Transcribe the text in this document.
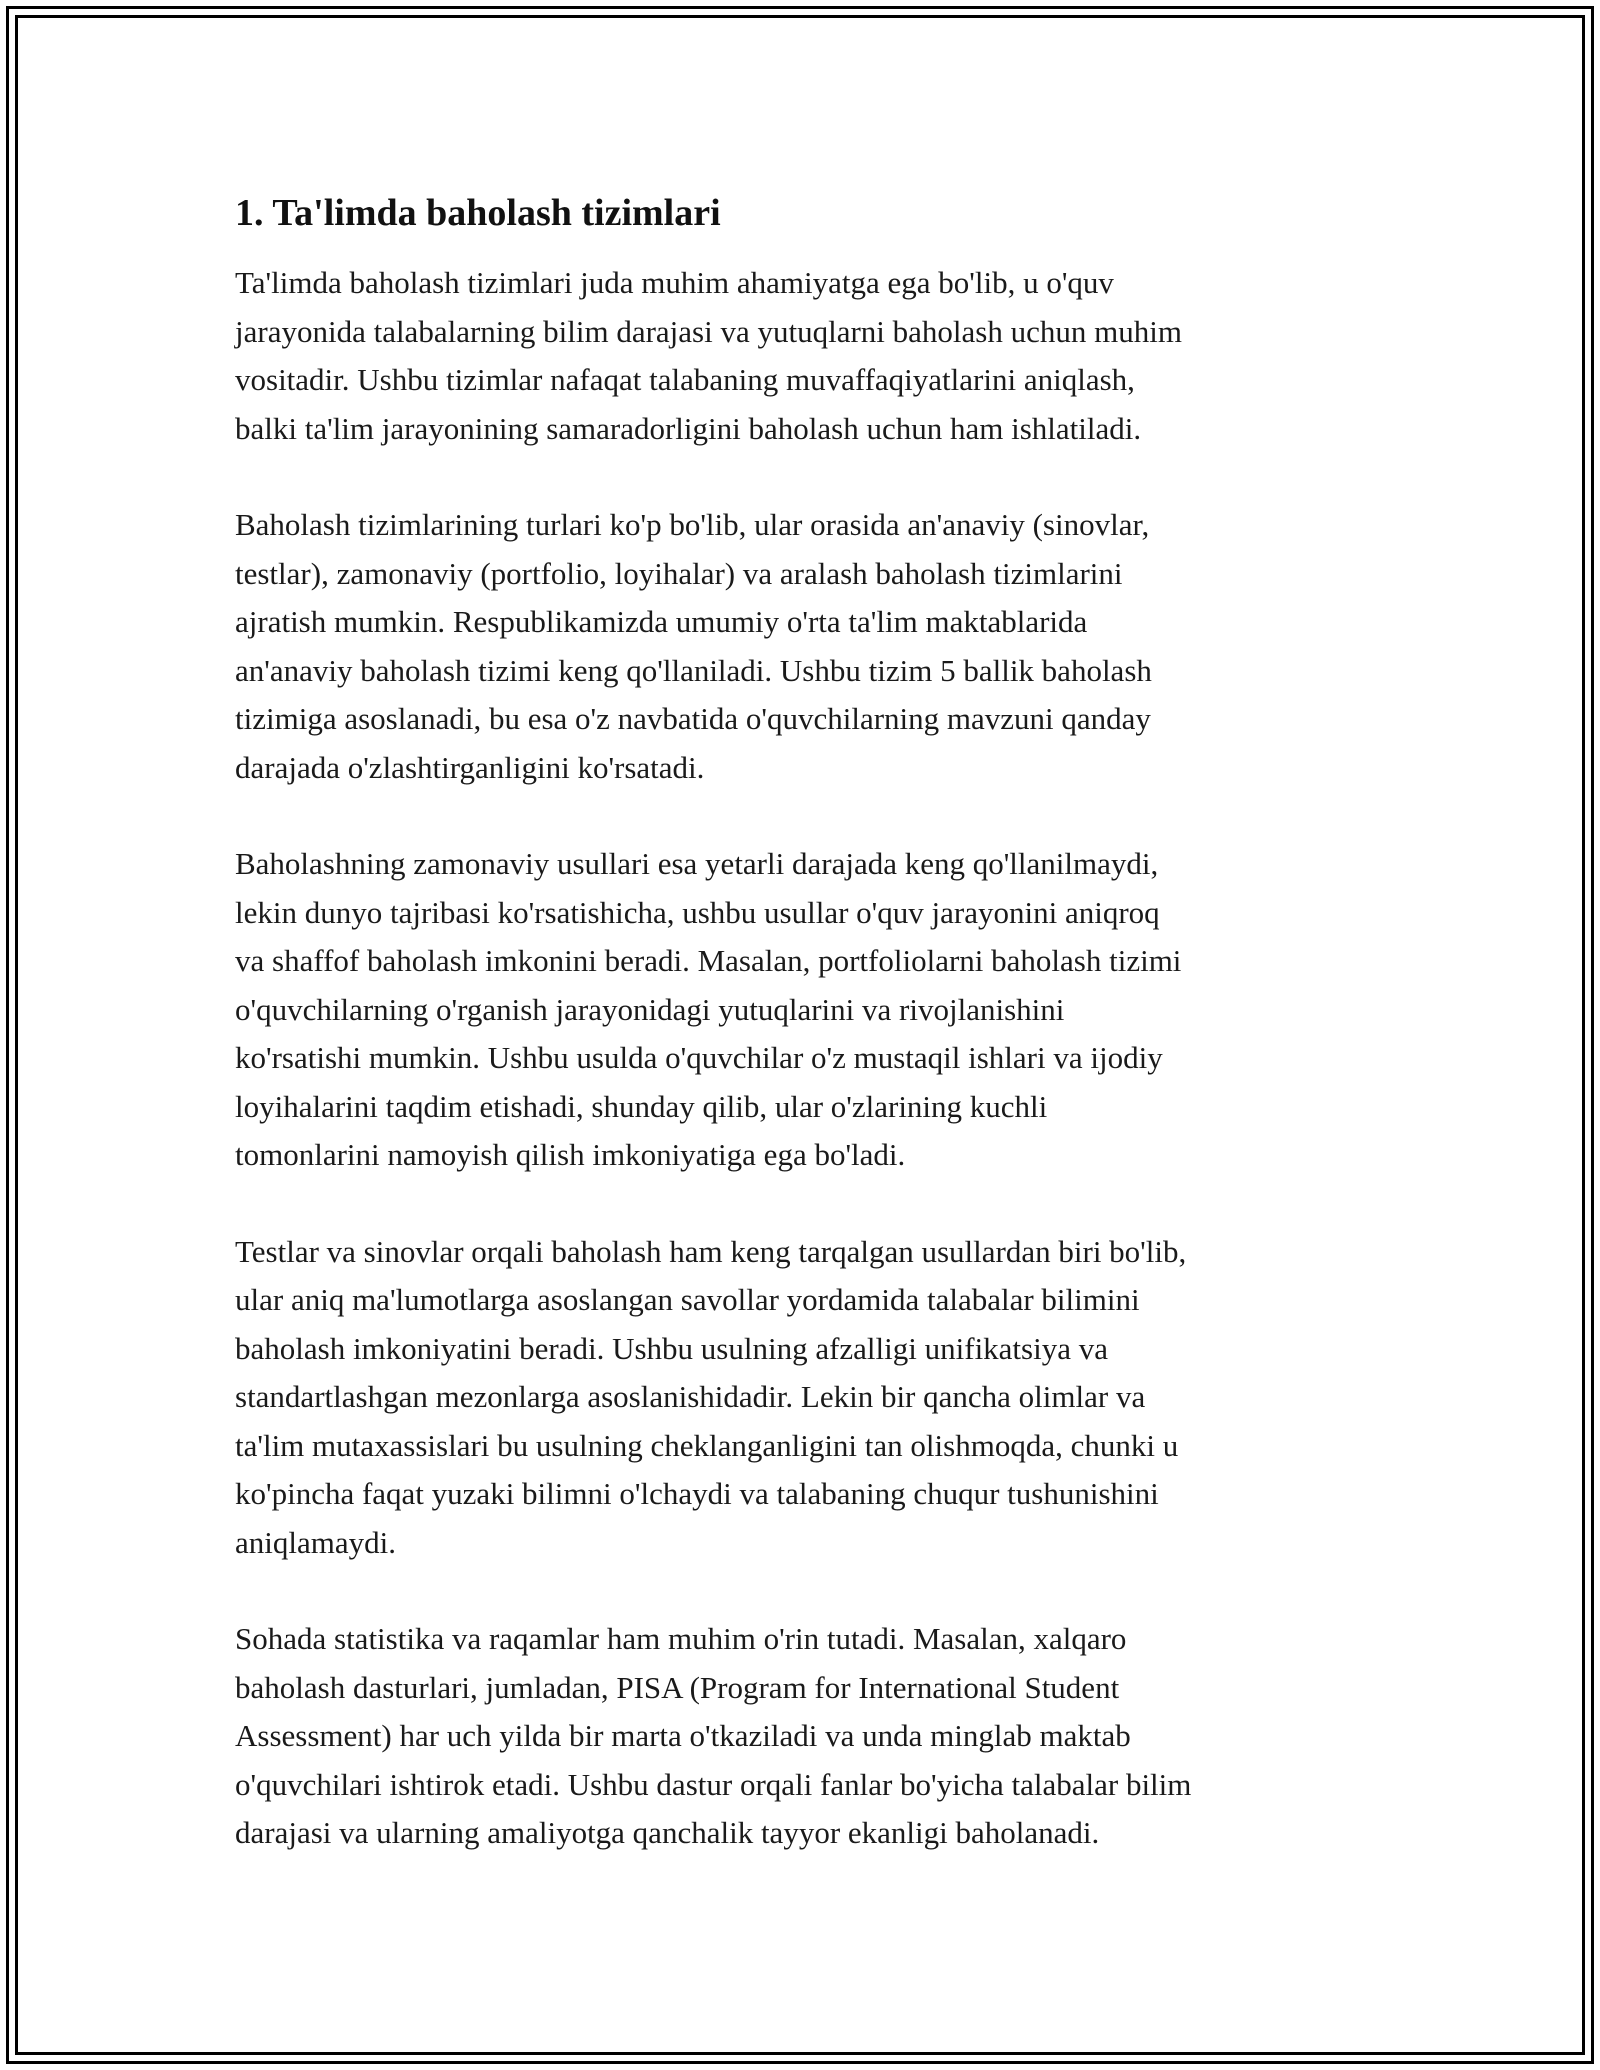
1. Ta'limda baholash tizimlari
Ta'limda baholash tizimlari juda muhim ahamiyatga ega bo'lib, u o'quv
jarayonida talabalarning bilim darajasi va yutuqlarni baholash uchun muhim
vositadir. Ushbu tizimlar nafaqat talabaning muvaffaqiyatlarini aniqlash,
balki ta'lim jarayonining samaradorligini baholash uchun ham ishlatiladi.
Baholash tizimlarining turlari ko'p bo'lib, ular orasida an'anaviy (sinovlar,
testlar), zamonaviy (portfolio, loyihalar) va aralash baholash tizimlarini
ajratish mumkin. Respublikamizda umumiy o'rta ta'lim maktablarida
an'anaviy baholash tizimi keng qo'llaniladi. Ushbu tizim 5 ballik baholash
tizimiga asoslanadi, bu esa o'z navbatida o'quvchilarning mavzuni qanday
darajada o'zlashtirganligini ko'rsatadi.
Baholashning zamonaviy usullari esa yetarli darajada keng qo'llanilmaydi,
lekin dunyo tajribasi ko'rsatishicha, ushbu usullar o'quv jarayonini aniqroq
va shaffof baholash imkonini beradi. Masalan, portfoliolarni baholash tizimi
o'quvchilarning o'rganish jarayonidagi yutuqlarini va rivojlanishini
ko'rsatishi mumkin. Ushbu usulda o'quvchilar o'z mustaqil ishlari va ijodiy
loyihalarini taqdim etishadi, shunday qilib, ular o'zlarining kuchli
tomonlarini namoyish qilish imkoniyatiga ega bo'ladi.
Testlar va sinovlar orqali baholash ham keng tarqalgan usullardan biri bo'lib,
ular aniq ma'lumotlarga asoslangan savollar yordamida talabalar bilimini
baholash imkoniyatini beradi. Ushbu usulning afzalligi unifikatsiya va
standartlashgan mezonlarga asoslanishidadir. Lekin bir qancha olimlar va
ta'lim mutaxassislari bu usulning cheklanganligini tan olishmoqda, chunki u
ko'pincha faqat yuzaki bilimni o'lchaydi va talabaning chuqur tushunishini
aniqlamaydi.
Sohada statistika va raqamlar ham muhim o'rin tutadi. Masalan, xalqaro
baholash dasturlari, jumladan, PISA (Program for International Student
Assessment) har uch yilda bir marta o'tkaziladi va unda minglab maktab
o'quvchilari ishtirok etadi. Ushbu dastur orqali fanlar bo'yicha talabalar bilim
darajasi va ularning amaliyotga qanchalik tayyor ekanligi baholanadi.
